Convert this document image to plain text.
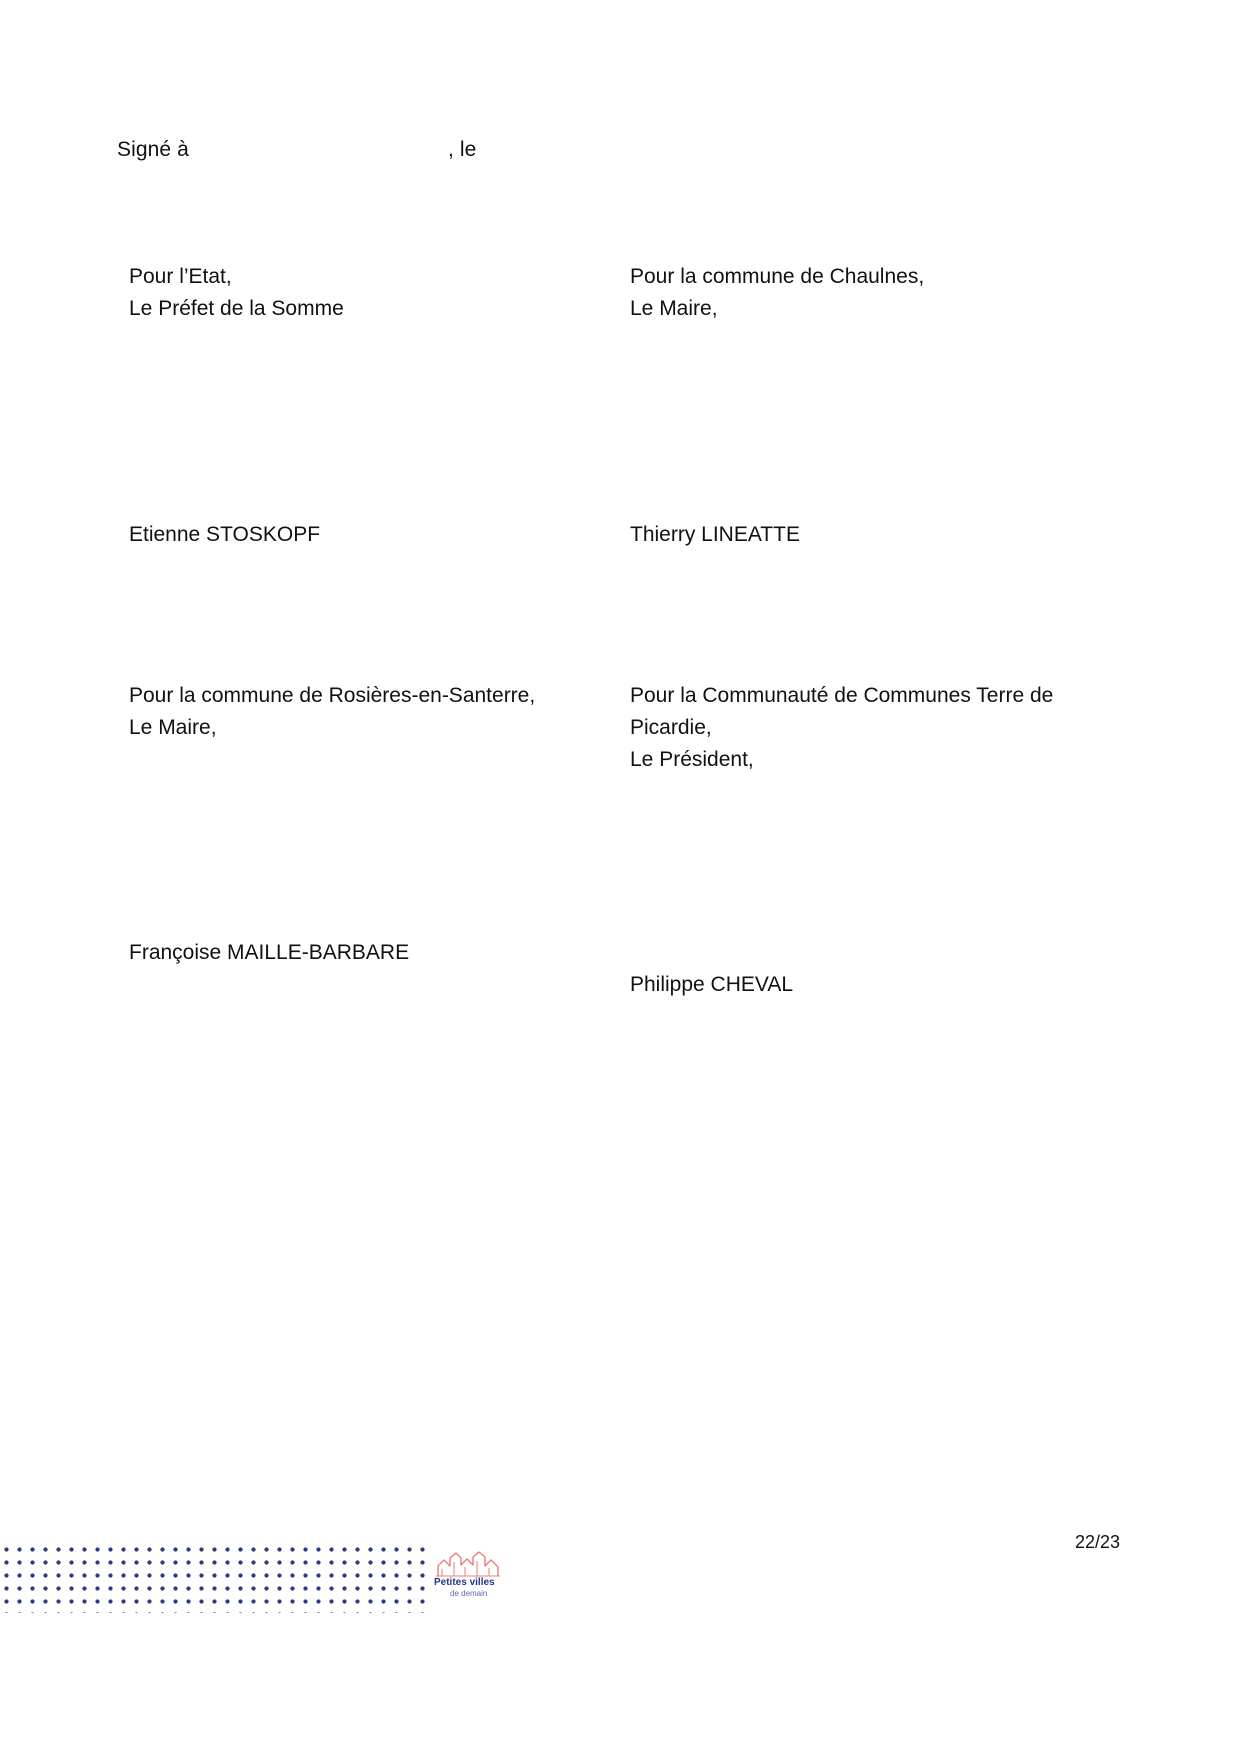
Signé à	, le
Pour l’Etat,
Le Préfet de la Somme
Pour la commune de Chaulnes,
Le Maire,
Etienne STOSKOPF	Thierry LINEATTE
Pour la commune de Rosières-en-Santerre,
Le Maire,
Pour la Communauté de Communes Terre de
Picardie,
Le Président,
Françoise MAILLE-BARBARE
Philippe CHEVAL
22/23
Petites villes
de demain
